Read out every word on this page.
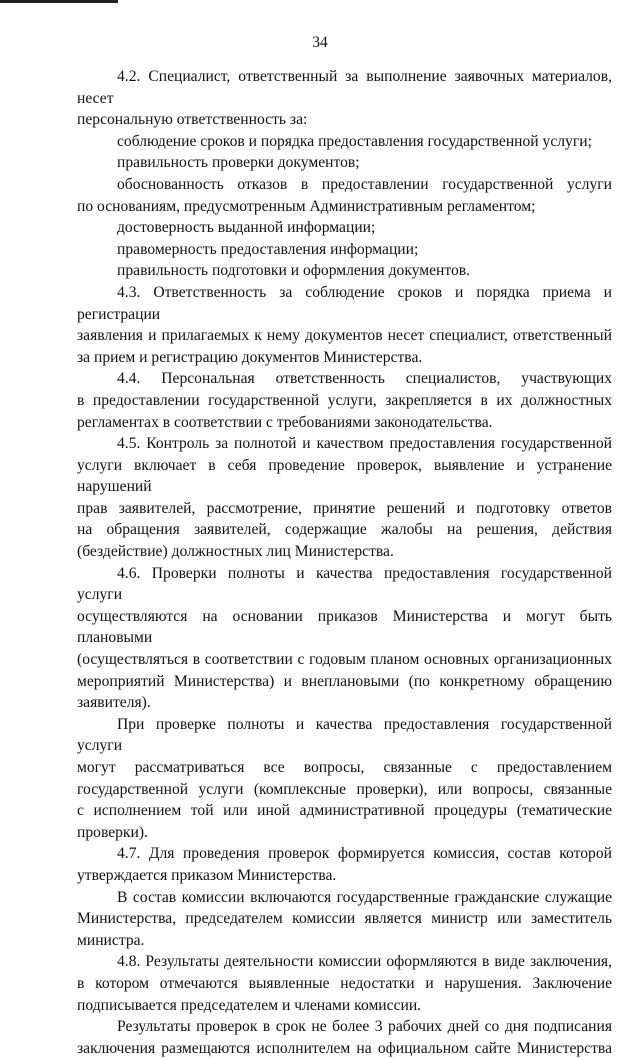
34

4.2. Специалист, ответственный за выполнение заявочных материалов, несет

персональную ответственность за:

соблюдение сроков и порядка предоставления государственной услуги;

правильность проверки документов;

обоснованность отказов в предоставлении государственной услуги

по основаниям, предусмотренным Административным регламентом;

достоверность выданной информации;

правомерность предоставления информации;

правильность подготовки и оформления документов.

4.3. Ответственность за соблюдение сроков и порядка приема и регистрации

заявления и прилагаемых к нему документов несет специалист, ответственный

за прием и регистрацию документов Министерства.

4.4. Персональная ответственность специалистов, участвующих

в предоставлении государственной услуги, закрепляется в их должностных

регламентах в соответствии с требованиями законодательства.

4.5. Контроль за полнотой и качеством предоставления государственной

услуги включает в себя проведение проверок, выявление и устранение нарушений

прав заявителей, рассмотрение, принятие решений и подготовку ответов

на обращения заявителей, содержащие жалобы на решения, действия

(бездействие) должностных лиц Министерства.

4.6. Проверки полноты и качества предоставления государственной услуги

осуществляются на основании приказов Министерства и могут быть плановыми

(осуществляться в соответствии с годовым планом основных организационных

мероприятий Министерства) и внеплановыми (по конкретному обращению

заявителя).

При проверке полноты и качества предоставления государственной услуги

могут рассматриваться все вопросы, связанные с предоставлением

государственной услуги (комплексные проверки), или вопросы, связанные

с исполнением той или иной административной процедуры (тематические

проверки).

4.7. Для проведения проверок формируется комиссия, состав которой

утверждается приказом Министерства.

В состав комиссии включаются государственные гражданские служащие

Министерства, председателем комиссии является министр или заместитель

министра.

4.8. Результаты деятельности комиссии оформляются в виде заключения,

в котором отмечаются выявленные недостатки и нарушения. Заключение

подписывается председателем и членами комиссии.

Результаты проверок в срок не более 3 рабочих дней со дня подписания

заключения размещаются исполнителем на официальном сайте Министерства
